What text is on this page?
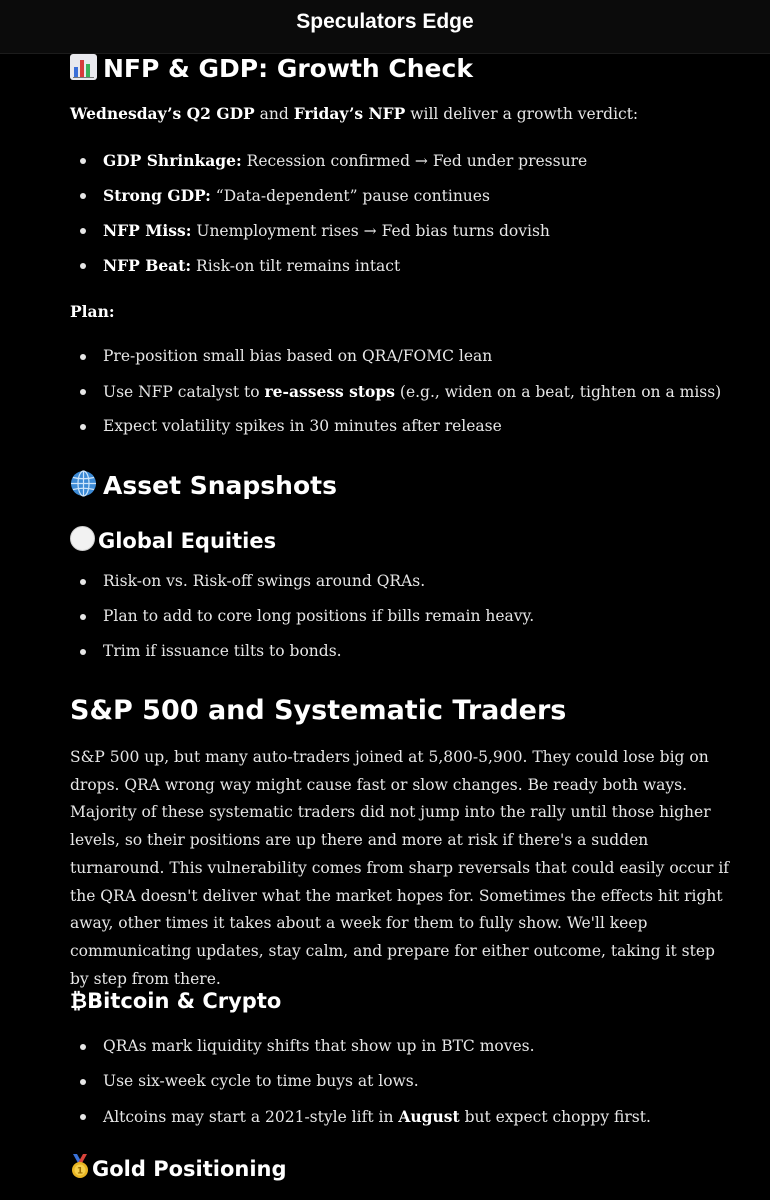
Speculators Edge
NFP & GDP: Growth Check

Wednesday’s Q2 GDP and Friday’s NFP will deliver a growth verdict:

GDP Shrinkage: Recession confirmed → Fed under pressure
Strong GDP: “Data-dependent” pause continues
NFP Miss: Unemployment rises → Fed bias turns dovish
NFP Beat: Risk-on tilt remains intact

Plan:

Pre-position small bias based on QRA/FOMC lean
Use NFP catalyst to re-assess stops (e.g., widen on a beat, tighten on a miss)
Expect volatility spikes in 30 minutes after release
Asset Snapshots
Global Equities
Risk-on vs. Risk-off swings around QRAs.
Plan to add to core long positions if bills remain heavy.
Trim if issuance tilts to bonds.
S&P 500 and Systematic Traders

S&P 500 up, but many auto-traders joined at 5,800-5,900. They could lose big on drops. QRA wrong way might cause fast or slow changes. Be ready both ways. Majority of these systematic traders did not jump into the rally until those higher levels, so their positions are up there and more at risk if there's a sudden turnaround. This vulnerability comes from sharp reversals that could easily occur if the QRA doesn't deliver what the market hopes for. Sometimes the effects hit right away, other times it takes about a week for them to fully show. We'll keep communicating updates, stay calm, and prepare for either outcome, taking it step by step from there.

₿Bitcoin & Crypto
QRAs mark liquidity shifts that show up in BTC moves.
Use six-week cycle to time buys at lows.
Altcoins may start a 2021-style lift in August but expect choppy first.
1 Gold Positioning
